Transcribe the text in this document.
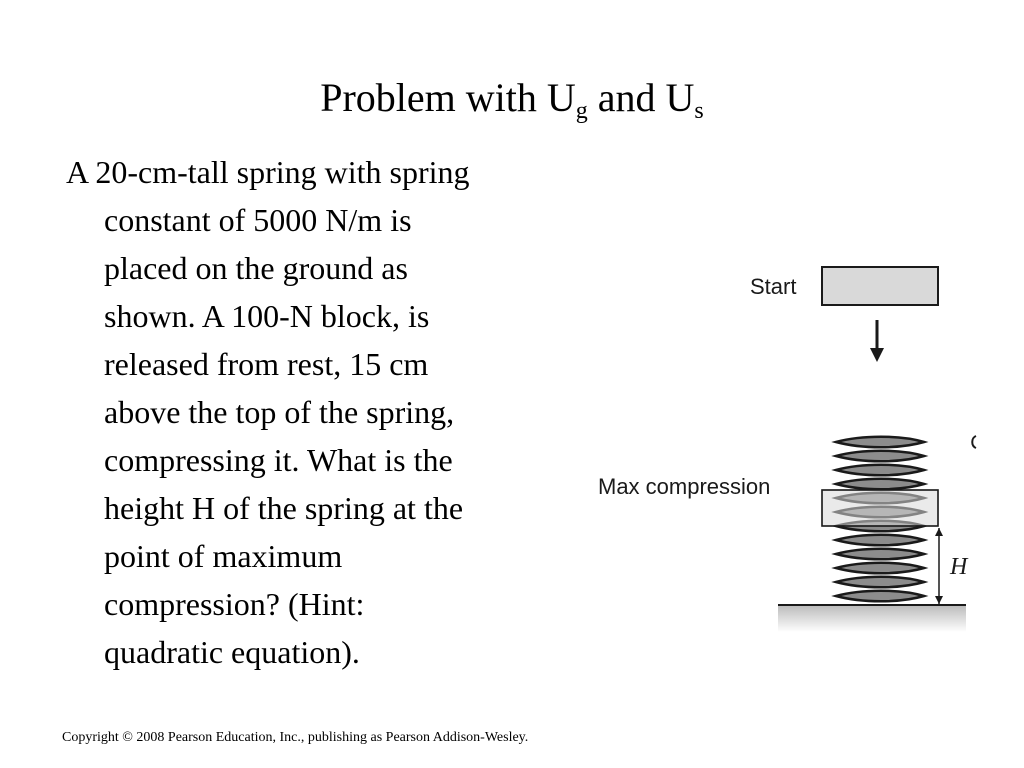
Problem with $U_g$ and $U_s$
A 20-cm-tall spring with spring
constant of 5000 N/m is
placed on the ground as
shown. A 100-N block, is
released from rest, 15 cm
above the top of the spring,
compressing it. What is the
height H of the spring at the
point of maximum
compression? (Hint:
quadratic equation).
Start
Max compression
H
Copyright © 2008 Pearson Education, Inc., publishing as Pearson Addison-Wesley.
